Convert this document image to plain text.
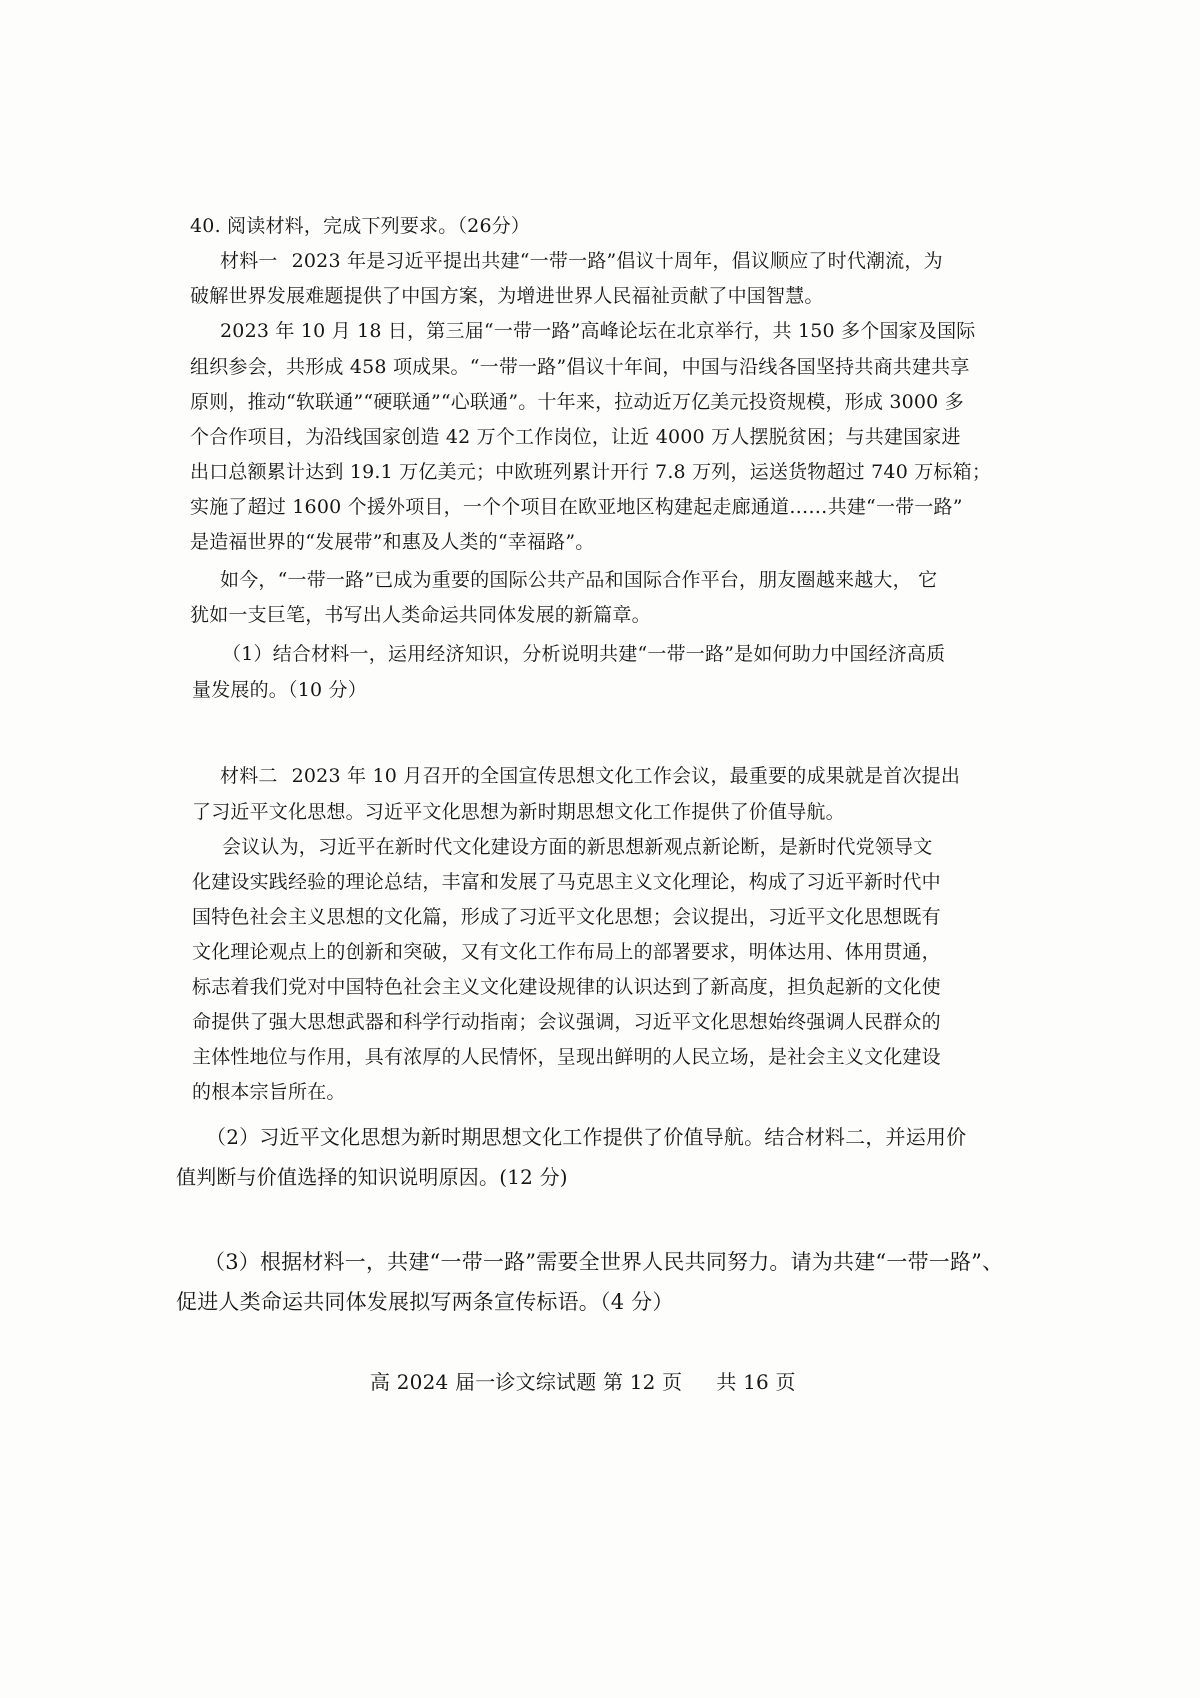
40. 阅读材料，完成下列要求。（26分）
材料一 2023 年是习近平提出共建“一带一路”倡议十周年，倡议顺应了时代潮流，为
破解世界发展难题提供了中国方案，为增进世界人民福祉贡献了中国智慧。
2023 年 10 月 18 日，第三届“一带一路”高峰论坛在北京举行，共 150 多个国家及国际
组织参会，共形成 458 项成果。“一带一路”倡议十年间，中国与沿线各国坚持共商共建共享
原则，推动“软联通”“硬联通”“心联通”。十年来，拉动近万亿美元投资规模，形成 3000 多
个合作项目，为沿线国家创造 42 万个工作岗位，让近 4000 万人摆脱贫困；与共建国家进
出口总额累计达到 19.1 万亿美元；中欧班列累计开行 7.8 万列，运送货物超过 740 万标箱；
实施了超过 1600 个援外项目，一个个项目在欧亚地区构建起走廊通道……共建“一带一路”
是造福世界的“发展带”和惠及人类的“幸福路”。
如今，“一带一路”已成为重要的国际公共产品和国际合作平台，朋友圈越来越大， 它
犹如一支巨笔，书写出人类命运共同体发展的新篇章。
（1）结合材料一，运用经济知识，分析说明共建“一带一路”是如何助力中国经济高质
量发展的。（10 分）
材料二 2023 年 10 月召开的全国宣传思想文化工作会议，最重要的成果就是首次提出
了习近平文化思想。习近平文化思想为新时期思想文化工作提供了价值导航。
会议认为，习近平在新时代文化建设方面的新思想新观点新论断，是新时代党领导文
化建设实践经验的理论总结，丰富和发展了马克思主义文化理论，构成了习近平新时代中
国特色社会主义思想的文化篇，形成了习近平文化思想；会议提出，习近平文化思想既有
文化理论观点上的创新和突破，又有文化工作布局上的部署要求，明体达用、体用贯通，
标志着我们党对中国特色社会主义文化建设规律的认识达到了新高度，担负起新的文化使
命提供了强大思想武器和科学行动指南；会议强调，习近平文化思想始终强调人民群众的
主体性地位与作用，具有浓厚的人民情怀，呈现出鲜明的人民立场，是社会主义文化建设
的根本宗旨所在。
（2）习近平文化思想为新时期思想文化工作提供了价值导航。结合材料二，并运用价
值判断与价值选择的知识说明原因。(12 分)
（3）根据材料一，共建“一带一路”需要全世界人民共同努力。请为共建“一带一路”、
促进人类命运共同体发展拟写两条宣传标语。（4 分）
高 2024 届一诊文综试题 第 12 页 共 16 页
